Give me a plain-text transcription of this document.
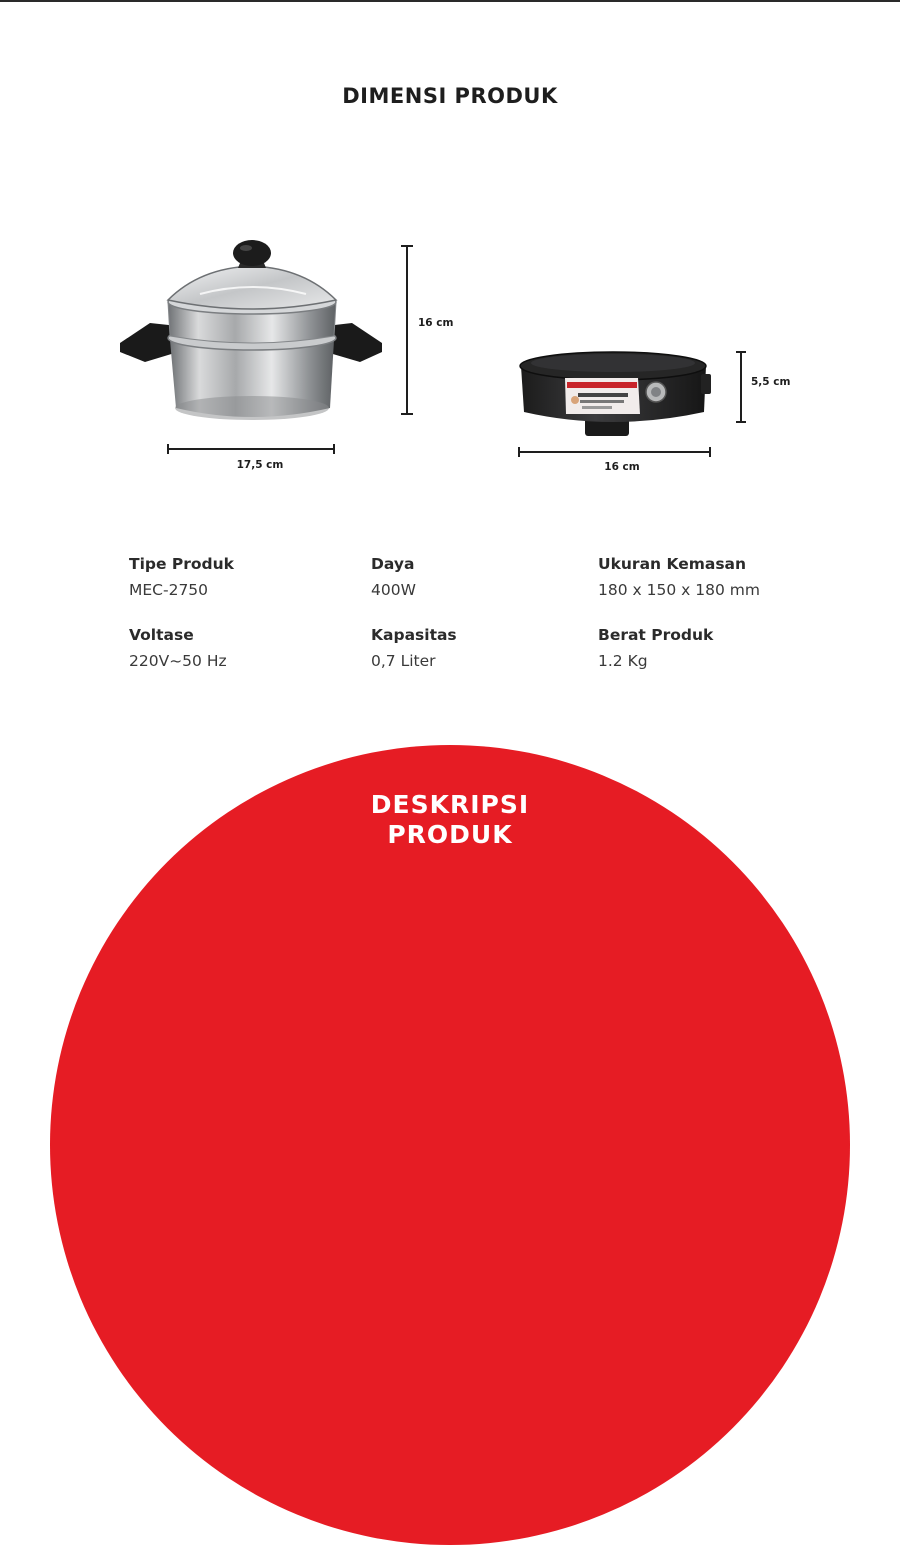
DIMENSI PRODUK
16 cm
17,5 cm
5,5 cm
16 cm
Tipe Produk
MEC-2750
Daya
400W
Ukuran Kemasan
180 x 150 x 180 mm
Voltase
220V~50 Hz
Kapasitas
0,7 Liter
Berat Produk
1.2 Kg
DESKRIPSI
PRODUK
